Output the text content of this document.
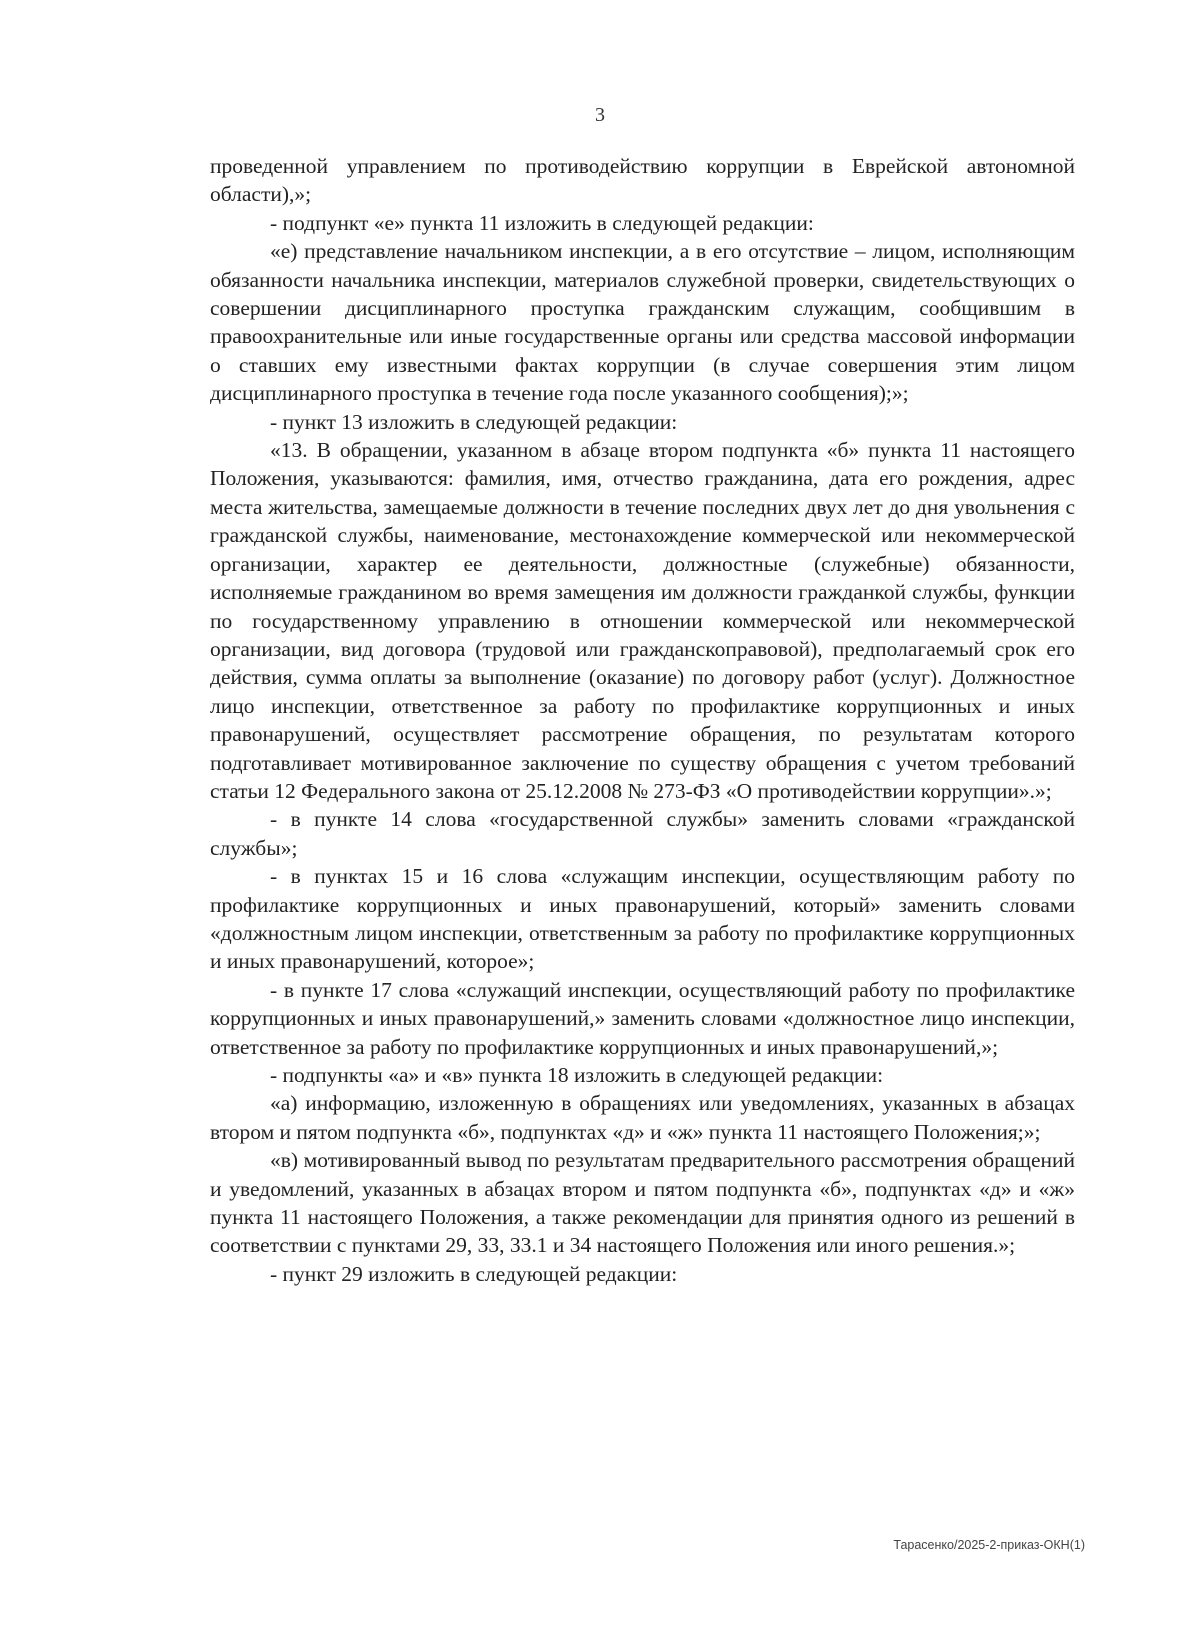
3

проведенной управлением по противодействию коррупции в Еврейской автономной области),»;

- подпункт «е» пункта 11 изложить в следующей редакции:

«е) представление начальником инспекции, а в его отсутствие – лицом, исполняющим обязанности начальника инспекции, материалов служебной проверки, свидетельствующих о совершении дисциплинарного проступка гражданским служащим, сообщившим в правоохранительные или иные государственные органы или средства массовой информации о ставших ему известными фактах коррупции (в случае совершения этим лицом дисциплинарного проступка в течение года после указанного сообщения);»;

- пункт 13 изложить в следующей редакции:

«13. В обращении, указанном в абзаце втором подпункта «б» пункта 11 настоящего Положения, указываются: фамилия, имя, отчество гражданина, дата его рождения, адрес места жительства, замещаемые должности в течение последних двух лет до дня увольнения с гражданской службы, наименование, местонахождение коммерческой или некоммерческой организации, характер ее деятельности, должностные (служебные) обязанности, исполняемые гражданином во время замещения им должности гражданкой службы, функции по государственному управлению в отношении коммерческой или некоммерческой организации, вид договора (трудовой или гражданскоправовой), предполагаемый срок его действия, сумма оплаты за выполнение (оказание) по договору работ (услуг). Должностное лицо инспекции, ответственное за работу по профилактике коррупционных и иных правонарушений, осуществляет рассмотрение обращения, по результатам которого подготавливает мотивированное заключение по существу обращения с учетом требований статьи 12 Федерального закона от 25.12.2008 № 273-ФЗ «О противодействии коррупции».»;

- в пункте 14 слова «государственной службы» заменить словами «гражданской службы»;

- в пунктах 15 и 16 слова «служащим инспекции, осуществляющим работу по профилактике коррупционных и иных правонарушений, который» заменить словами «должностным лицом инспекции, ответственным за работу по профилактике коррупционных и иных правонарушений, которое»;

- в пункте 17 слова «служащий инспекции, осуществляющий работу по профилактике коррупционных и иных правонарушений,» заменить словами «должностное лицо инспекции, ответственное за работу по профилактике коррупционных и иных правонарушений,»;

- подпункты «а» и «в» пункта 18 изложить в следующей редакции:

«а) информацию, изложенную в обращениях или уведомлениях, указанных в абзацах втором и пятом подпункта «б», подпунктах «д» и «ж» пункта 11 настоящего Положения;»;

«в) мотивированный вывод по результатам предварительного рассмотрения обращений и уведомлений, указанных в абзацах втором и пятом подпункта «б», подпунктах «д» и «ж» пункта 11 настоящего Положения, а также рекомендации для принятия одного из решений в соответствии с пунктами 29, 33, 33.1 и 34 настоящего Положения или иного решения.»;

- пункт 29 изложить в следующей редакции:

Тарасенко/2025-2-приказ-ОКН(1)
